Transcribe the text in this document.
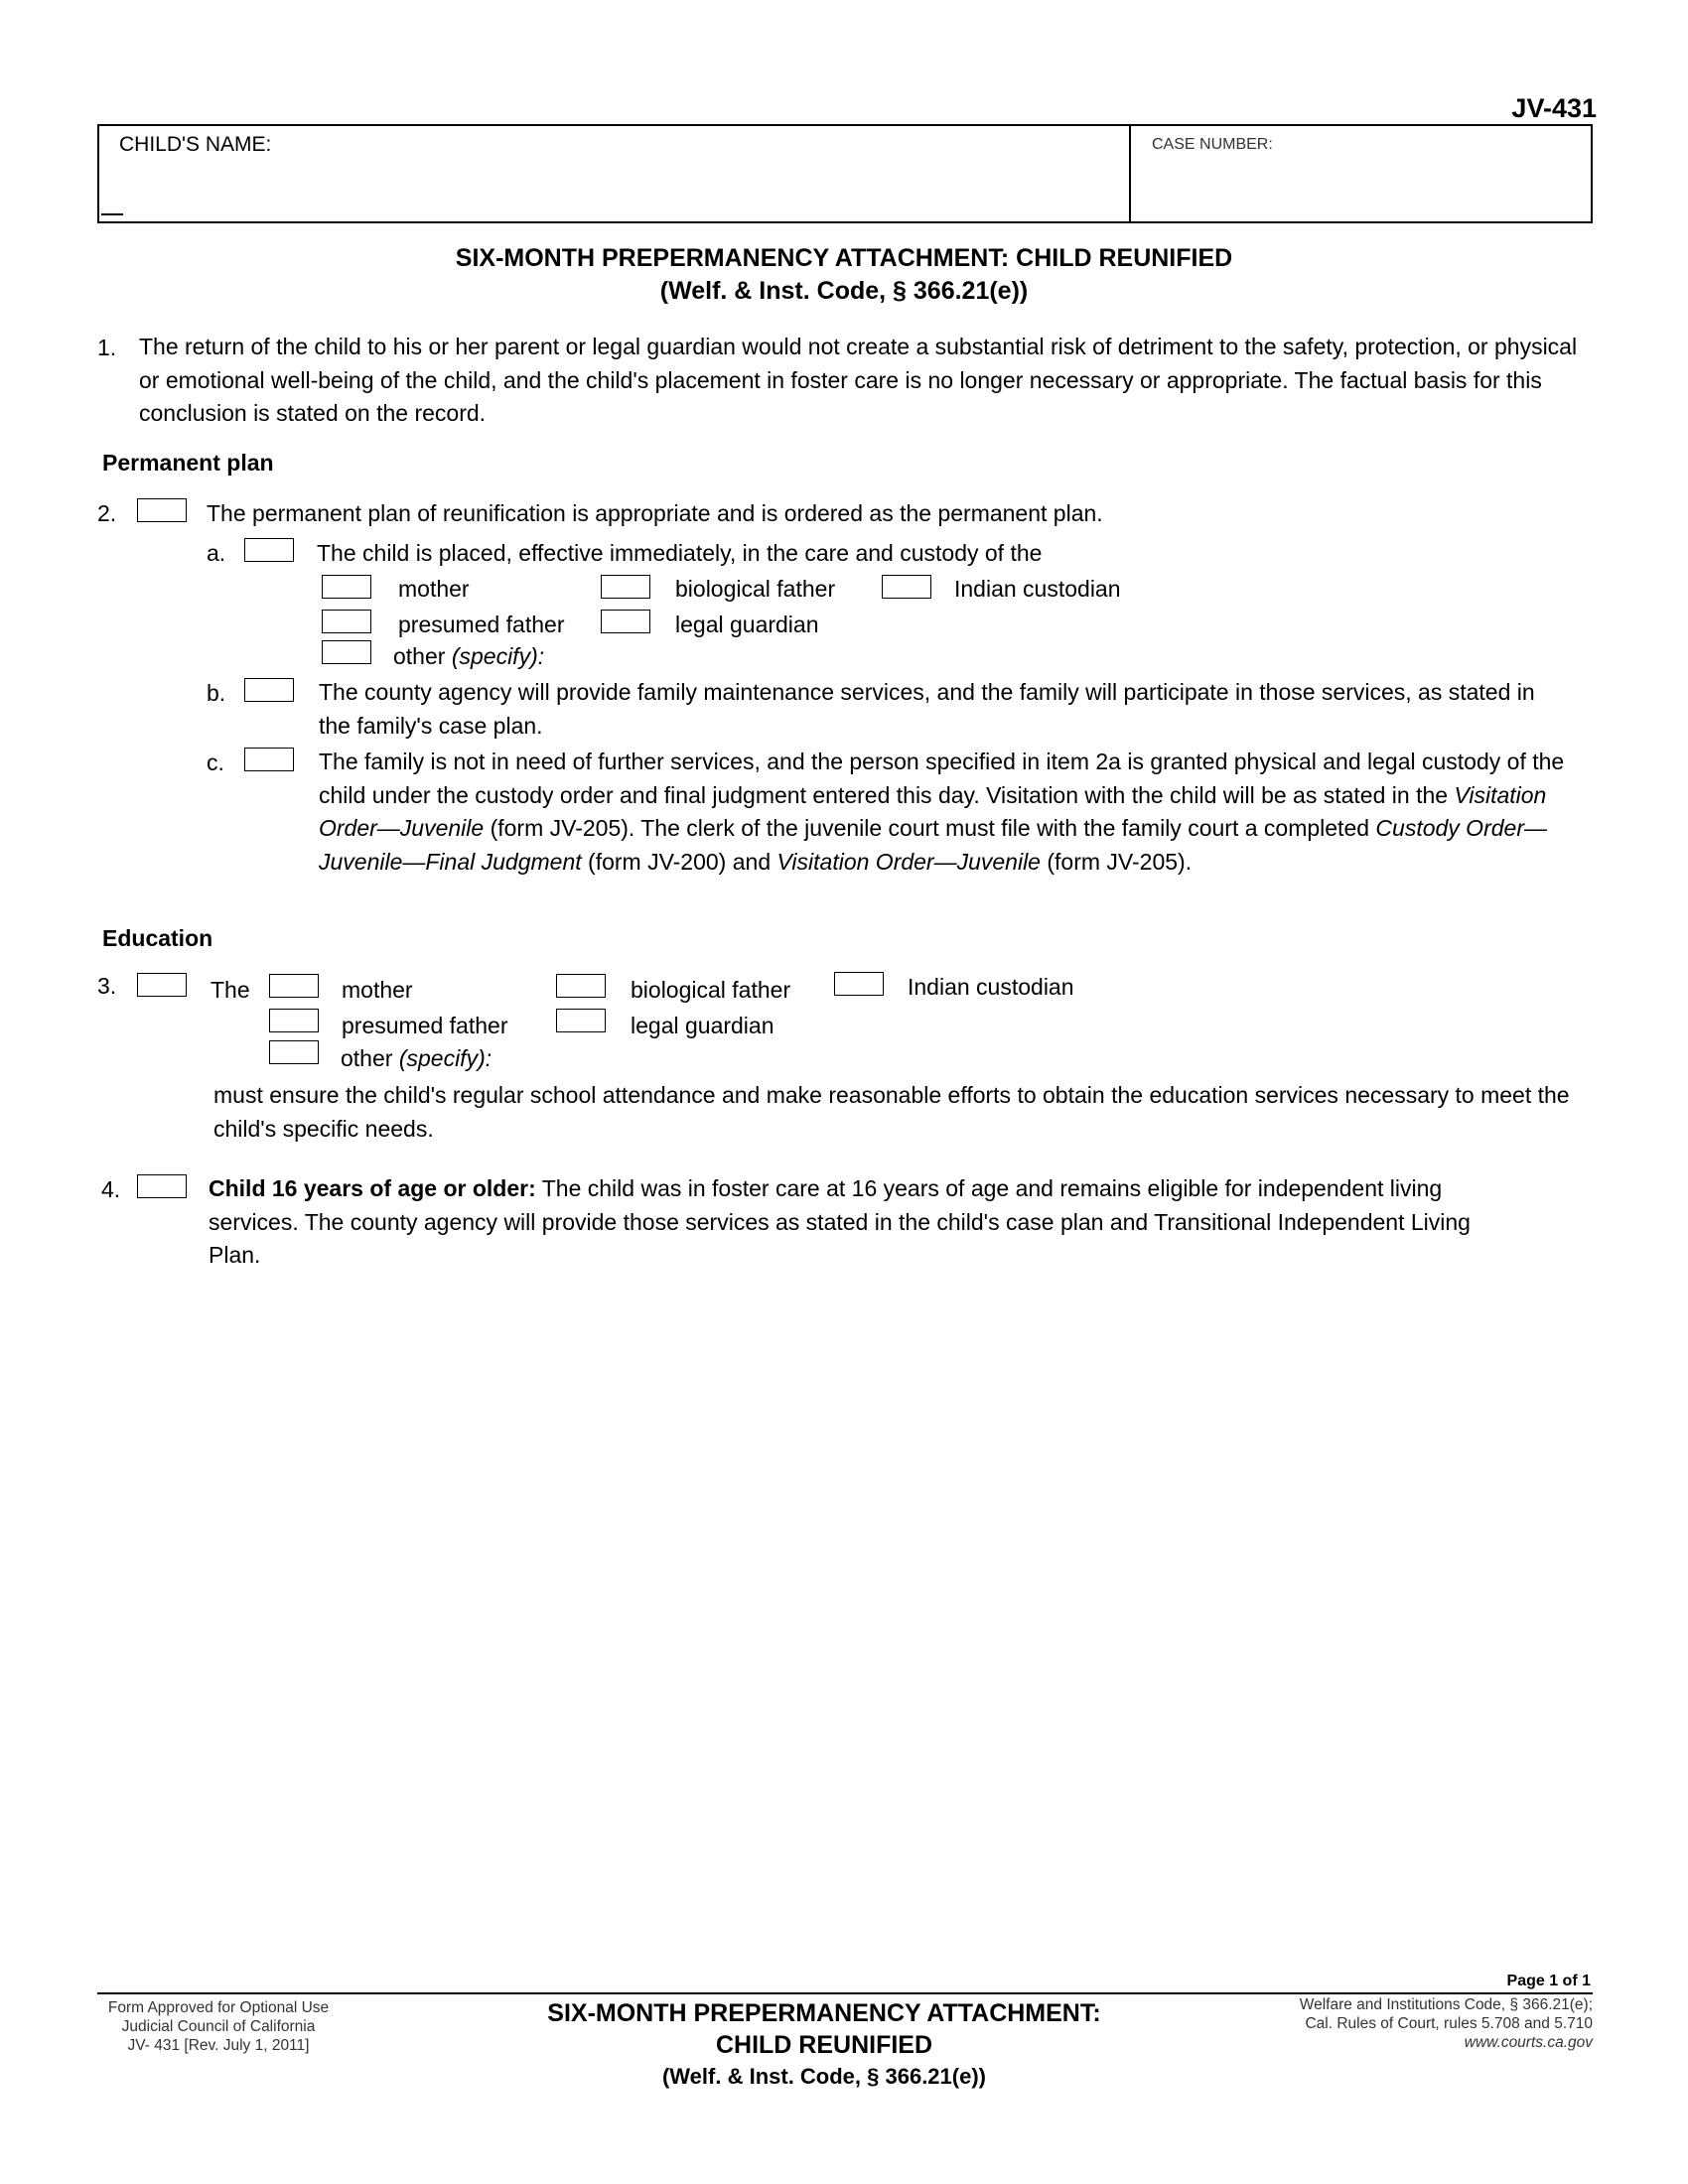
JV-431
CHILD'S NAME:	CASE NUMBER:
SIX-MONTH PREPERMANENCY ATTACHMENT: CHILD REUNIFIED
(Welf. & Inst. Code, § 366.21(e))
1. The return of the child to his or her parent or legal guardian would not create a substantial risk of detriment to the safety, protection, or physical or emotional well-being of the child, and the child's placement in foster care is no longer necessary or appropriate. The factual basis for this conclusion is stated on the record.
Permanent plan
2.	The permanent plan of reunification is appropriate and is ordered as the permanent plan.
a.	The child is placed, effective immediately, in the care and custody of the
mother	biological father	Indian custodian
presumed father	legal guardian
other (specify):
b.	The county agency will provide family maintenance services, and the family will participate in those services, as stated in the family's case plan.
c.	The family is not in need of further services, and the person specified in item 2a is granted physical and legal custody of the child under the custody order and final judgment entered this day. Visitation with the child will be as stated in the Visitation Order—Juvenile (form JV-205). The clerk of the juvenile court must file with the family court a completed Custody Order—Juvenile—Final Judgment (form JV-200) and Visitation Order—Juvenile (form JV-205).
Education
3.	The	mother	biological father	Indian custodian
presumed father	legal guardian
other (specify):
must ensure the child's regular school attendance and make reasonable efforts to obtain the education services necessary to meet the child's specific needs.
4.	Child 16 years of age or older: The child was in foster care at 16 years of age and remains eligible for independent living services. The county agency will provide those services as stated in the child's case plan and Transitional Independent Living Plan.
Page 1 of 1
Form Approved for Optional Use
Judicial Council of California
JV- 431 [Rev. July 1, 2011]
SIX-MONTH PREPERMANENCY ATTACHMENT:
CHILD REUNIFIED
(Welf. & Inst. Code, § 366.21(e))
Welfare and Institutions Code, § 366.21(e);
Cal. Rules of Court, rules 5.708 and 5.710
www.courts.ca.gov
